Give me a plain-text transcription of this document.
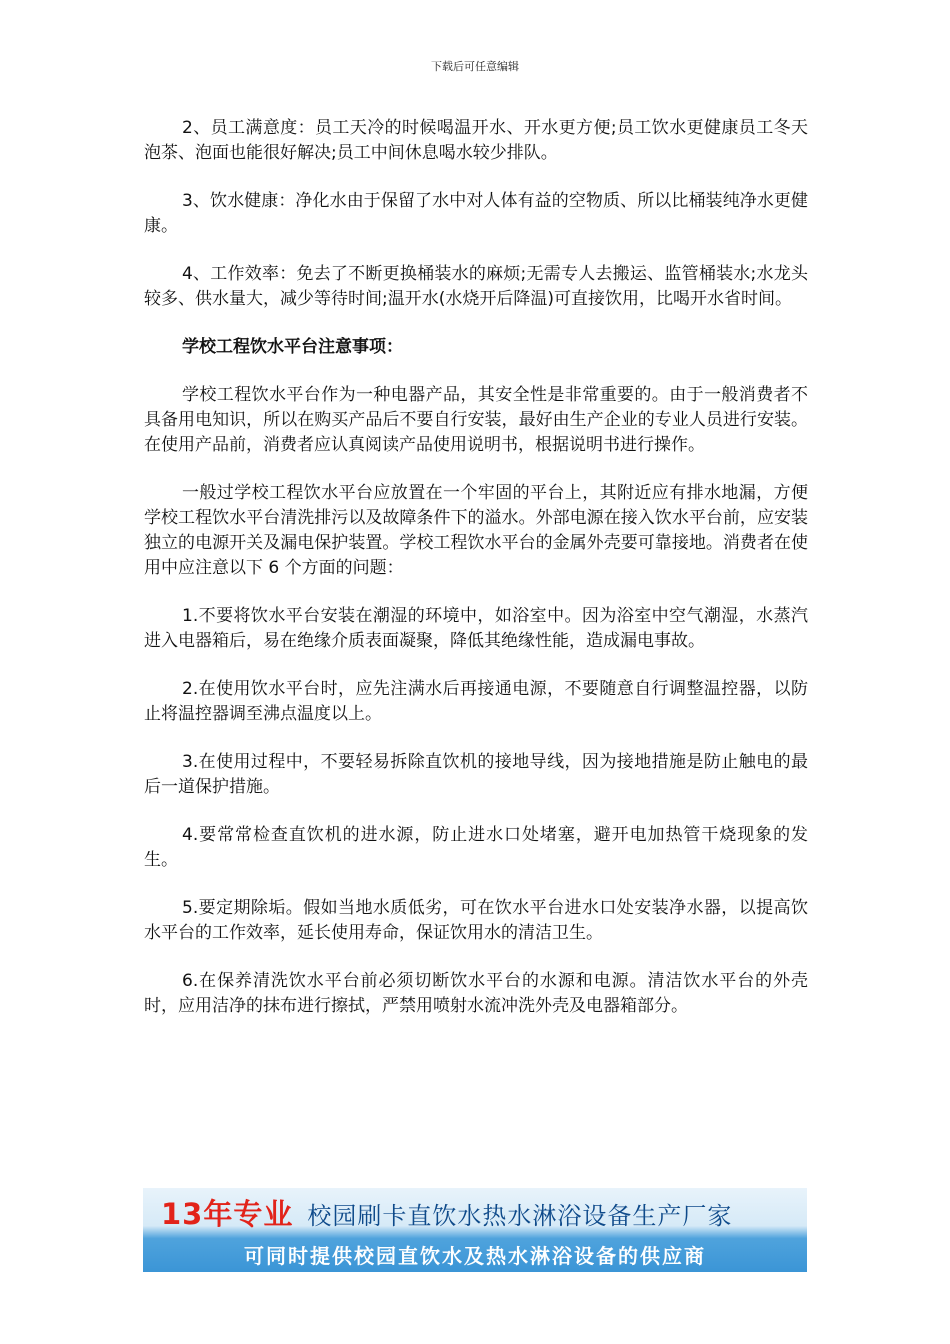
下载后可任意编辑

2、员工满意度：员工天冷的时候喝温开水、开水更方便;员工饮水更健康员工冬天泡茶、泡面也能很好解决;员工中间休息喝水较少排队。

3、饮水健康：净化水由于保留了水中对人体有益的空物质、所以比桶装纯净水更健康。

4、工作效率：免去了不断更换桶装水的麻烦;无需专人去搬运、监管桶装水;水龙头较多、供水量大，减少等待时间;温开水(水烧开后降温)可直接饮用，比喝开水省时间。

学校工程饮水平台注意事项：

学校工程饮水平台作为一种电器产品，其安全性是非常重要的。由于一般消费者不具备用电知识，所以在购买产品后不要自行安装，最好由生产企业的专业人员进行安装。在使用产品前，消费者应认真阅读产品使用说明书，根据说明书进行操作。

一般过学校工程饮水平台应放置在一个牢固的平台上，其附近应有排水地漏，方便学校工程饮水平台清洗排污以及故障条件下的溢水。外部电源在接入饮水平台前，应安装独立的电源开关及漏电保护装置。学校工程饮水平台的金属外壳要可靠接地。消费者在使用中应注意以下 6 个方面的问题：

1.不要将饮水平台安装在潮湿的环境中，如浴室中。因为浴室中空气潮湿，水蒸汽进入电器箱后，易在绝缘介质表面凝聚，降低其绝缘性能，造成漏电事故。

2.在使用饮水平台时，应先注满水后再接通电源，不要随意自行调整温控器，以防止将温控器调至沸点温度以上。

3.在使用过程中，不要轻易拆除直饮机的接地导线，因为接地措施是防止触电的最后一道保护措施。

4.要常常检查直饮机的进水源，防止进水口处堵塞，避开电加热管干烧现象的发生。

5.要定期除垢。假如当地水质低劣，可在饮水平台进水口处安装净水器，以提高饮水平台的工作效率，延长使用寿命，保证饮用水的清洁卫生。

6.在保养清洗饮水平台前必须切断饮水平台的水源和电源。清洁饮水平台的外壳时，应用洁净的抹布进行擦拭，严禁用喷射水流冲洗外壳及电器箱部分。

13年专业 校园刷卡直饮水热水淋浴设备生产厂家
可同时提供校园直饮水及热水淋浴设备的供应商
